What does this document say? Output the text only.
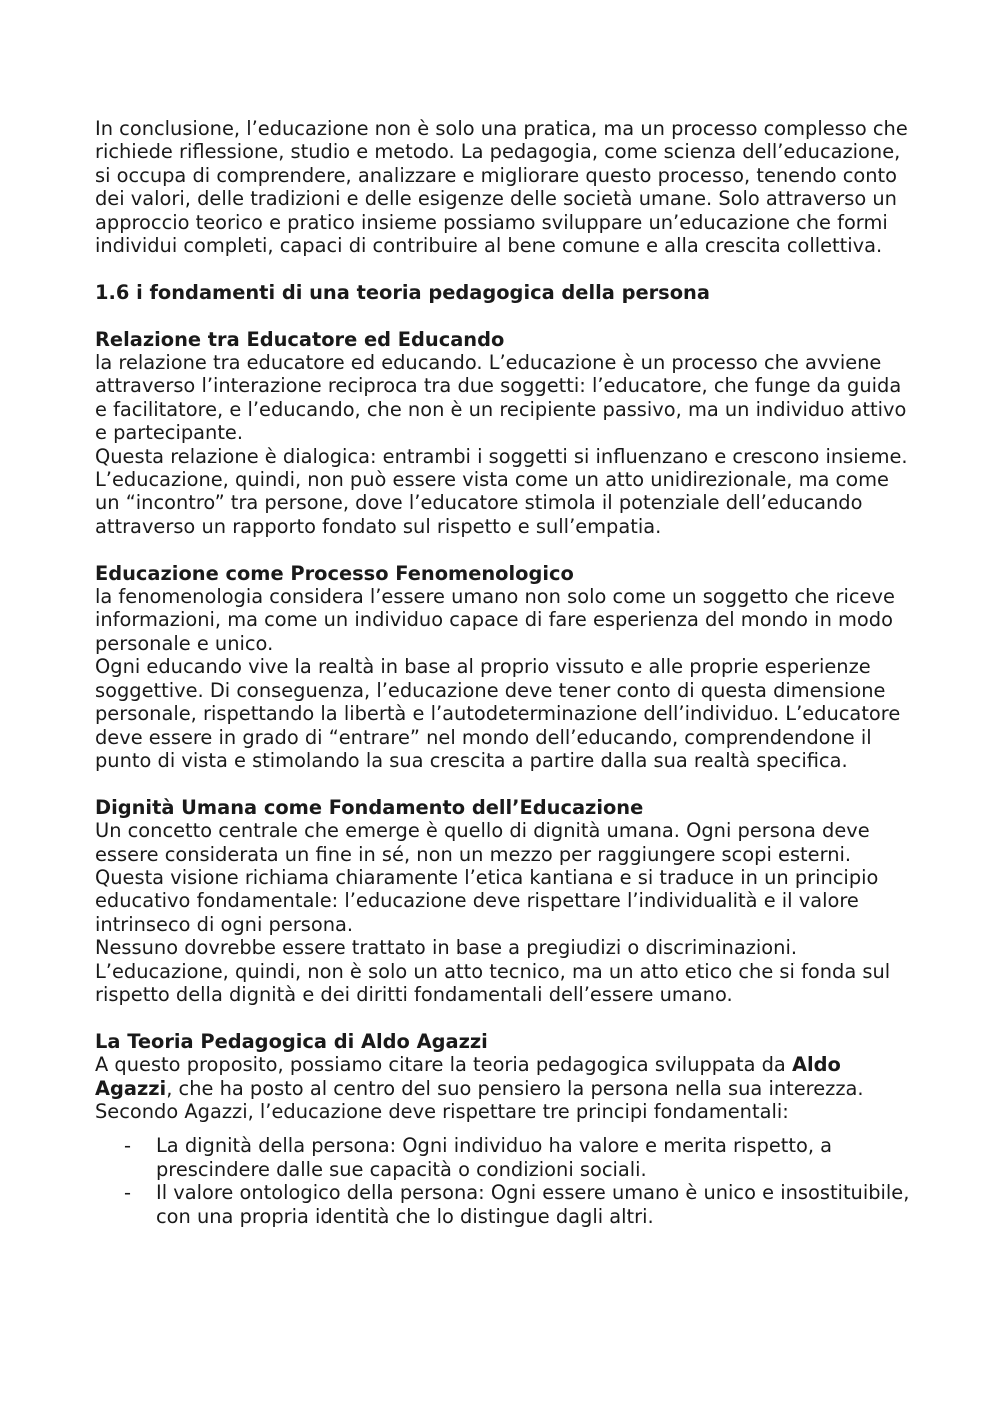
In conclusione, l’educazione non è solo una pratica, ma un processo complesso che richiede riflessione, studio e metodo. La pedagogia, come scienza dell’educazione, si occupa di comprendere, analizzare e migliorare questo processo, tenendo conto dei valori, delle tradizioni e delle esigenze delle società umane. Solo attraverso un approccio teorico e pratico insieme possiamo sviluppare un’educazione che formi individui completi, capaci di contribuire al bene comune e alla crescita collettiva.

1.6 i fondamenti di una teoria pedagogica della persona

Relazione tra Educatore ed Educando

la relazione tra educatore ed educando. L’educazione è un processo che avviene attraverso l’interazione reciproca tra due soggetti: l’educatore, che funge da guida e facilitatore, e l’educando, che non è un recipiente passivo, ma un individuo attivo e partecipante.

Questa relazione è dialogica: entrambi i soggetti si influenzano e crescono insieme. L’educazione, quindi, non può essere vista come un atto unidirezionale, ma come un “incontro” tra persone, dove l’educatore stimola il potenziale dell’educando attraverso un rapporto fondato sul rispetto e sull’empatia.

Educazione come Processo Fenomenologico

la fenomenologia considera l’essere umano non solo come un soggetto che riceve informazioni, ma come un individuo capace di fare esperienza del mondo in modo personale e unico.

Ogni educando vive la realtà in base al proprio vissuto e alle proprie esperienze soggettive. Di conseguenza, l’educazione deve tener conto di questa dimensione personale, rispettando la libertà e l’autodeterminazione dell’individuo. L’educatore deve essere in grado di “entrare” nel mondo dell’educando, comprendendone il punto di vista e stimolando la sua crescita a partire dalla sua realtà specifica.

Dignità Umana come Fondamento dell’Educazione

Un concetto centrale che emerge è quello di dignità umana. Ogni persona deve essere considerata un fine in sé, non un mezzo per raggiungere scopi esterni.

Questa visione richiama chiaramente l’etica kantiana e si traduce in un principio educativo fondamentale: l’educazione deve rispettare l’individualità e il valore intrinseco di ogni persona.

Nessuno dovrebbe essere trattato in base a pregiudizi o discriminazioni.

L’educazione, quindi, non è solo un atto tecnico, ma un atto etico che si fonda sul rispetto della dignità e dei diritti fondamentali dell’essere umano.

La Teoria Pedagogica di Aldo Agazzi

A questo proposito, possiamo citare la teoria pedagogica sviluppata da Aldo Agazzi, che ha posto al centro del suo pensiero la persona nella sua interezza.

Secondo Agazzi, l’educazione deve rispettare tre principi fondamentali:

- La dignità della persona: Ogni individuo ha valore e merita rispetto, a prescindere dalle sue capacità o condizioni sociali.
- Il valore ontologico della persona: Ogni essere umano è unico e insostituibile, con una propria identità che lo distingue dagli altri.
